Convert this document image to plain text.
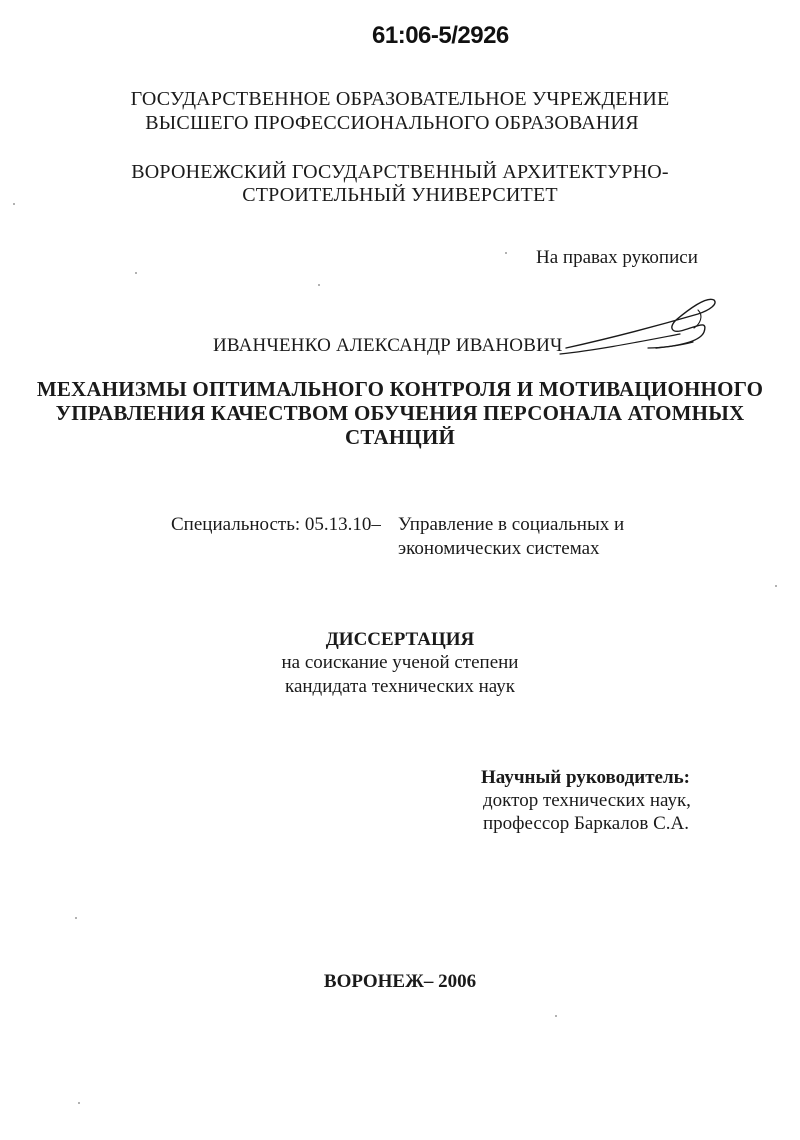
61:06-5/2926

ГОСУДАРСТВЕННОЕ ОБРАЗОВАТЕЛЬНОЕ УЧРЕЖДЕНИЕ

ВЫСШЕГО ПРОФЕССИОНАЛЬНОГО ОБРАЗОВАНИЯ

ВОРОНЕЖСКИЙ ГОСУДАРСТВЕННЫЙ АРХИТЕКТУРНО-

СТРОИТЕЛЬНЫЙ УНИВЕРСИТЕТ

На правах рукописи

ИВАНЧЕНКО АЛЕКСАНДР ИВАНОВИЧ

МЕХАНИЗМЫ ОПТИМАЛЬНОГО КОНТРОЛЯ И МОТИВАЦИОННОГО

УПРАВЛЕНИЯ КАЧЕСТВОМ ОБУЧЕНИЯ ПЕРСОНАЛА АТОМНЫХ

СТАНЦИЙ

Специальность: 05.13.10– Управление в социальных и

экономических системах

ДИССЕРТАЦИЯ

на соискание ученой степени

кандидата технических наук

Научный руководитель:

доктор технических наук,

профессор Баркалов С.А.

ВОРОНЕЖ– 2006
